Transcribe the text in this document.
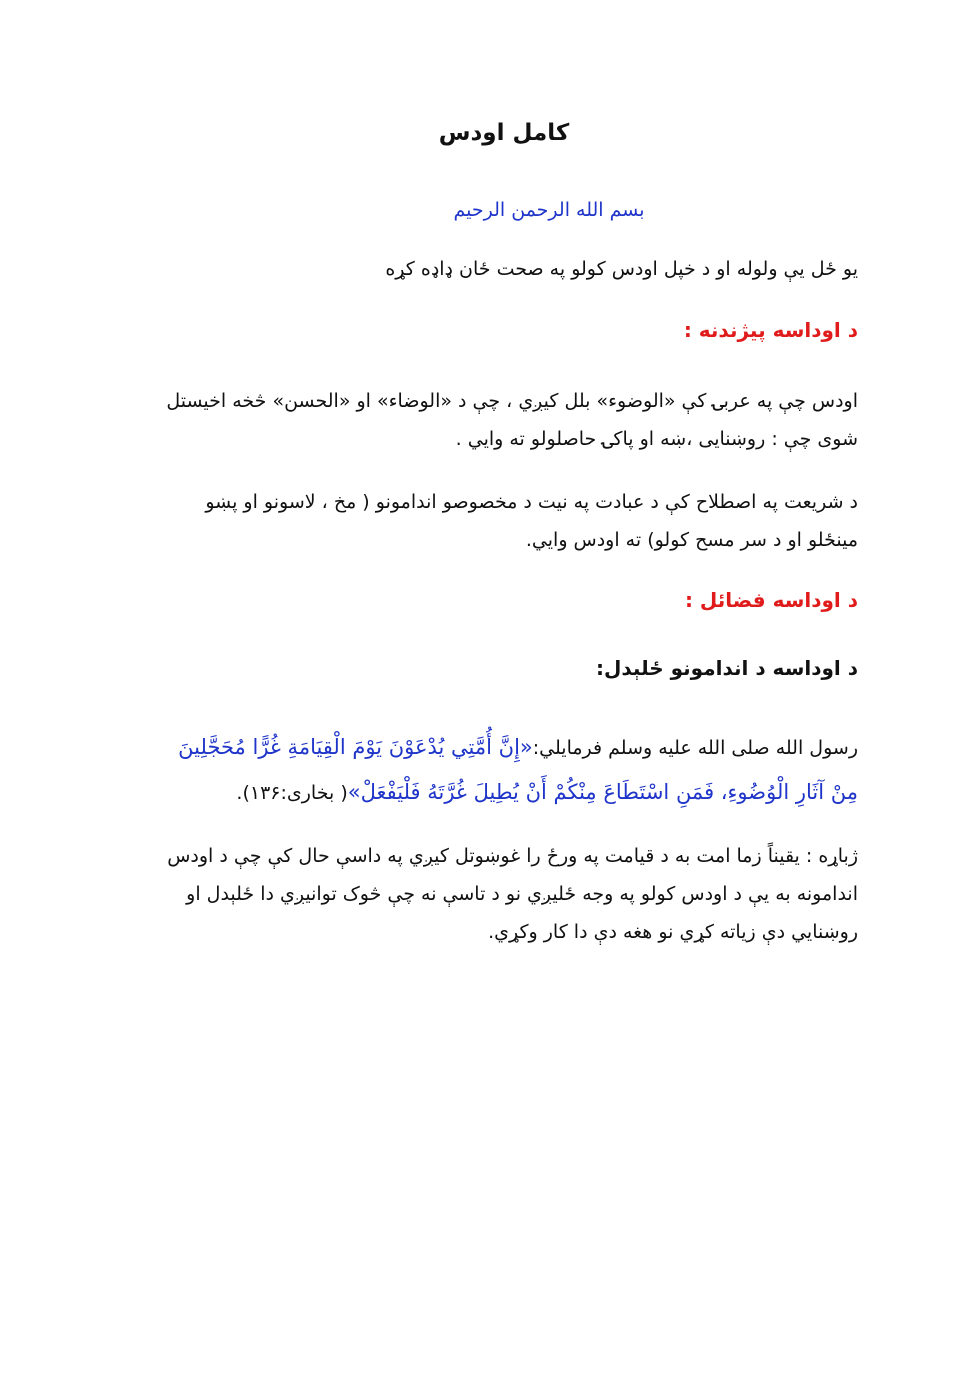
کامل اودس

بسم الله الرحمن الرحیم

یو ځل یې ولوله او د خپل اودس کولو په صحت ځان ډاډه کړه

د اوداسه پیژندنه :

اودس چې په عربۍ کې «الوضوء» بلل کیږي ، چې د «الوضاء» او «الحسن» څخه اخیستل شوی چې : روښنايی ،ښه او پاکۍ حاصلولو ته وايي .

د شریعت په اصطلاح کې د عبادت په نیت د مخصوصو اندامونو ( مخ ، لاسونو او پښو مینځلو او د سر مسح کولو) ته اودس وايي.

د اوداسه فضائل :

د اوداسه د اندامونو ځلېدل:

رسول الله صلی الله علیه وسلم فرمایلي:«إِنَّ أُمَّتِي يُدْعَوْنَ يَوْمَ الْقِيَامَةِ غُرًّا مُحَجَّلِينَ مِنْ آثَارِ الْوُضُوءِ، فَمَنِ اسْتَطَاعَ مِنْكُمْ أَنْ يُطِيلَ غُرَّتَهُ فَلْيَفْعَلْ»( بخاری:۱۳۶).

ژباړه : یقیناً زما امت به د قیامت په ورځ را غوښوتل کیږي په داسې حال کې چې د اودس اندامونه به یې د اودس کولو په وجه ځلیږي نو د تاسې نه چې څوک توانیږي دا ځلېدل او روښنايي دې زیاته کړي نو هغه دې دا کار وکړي.
